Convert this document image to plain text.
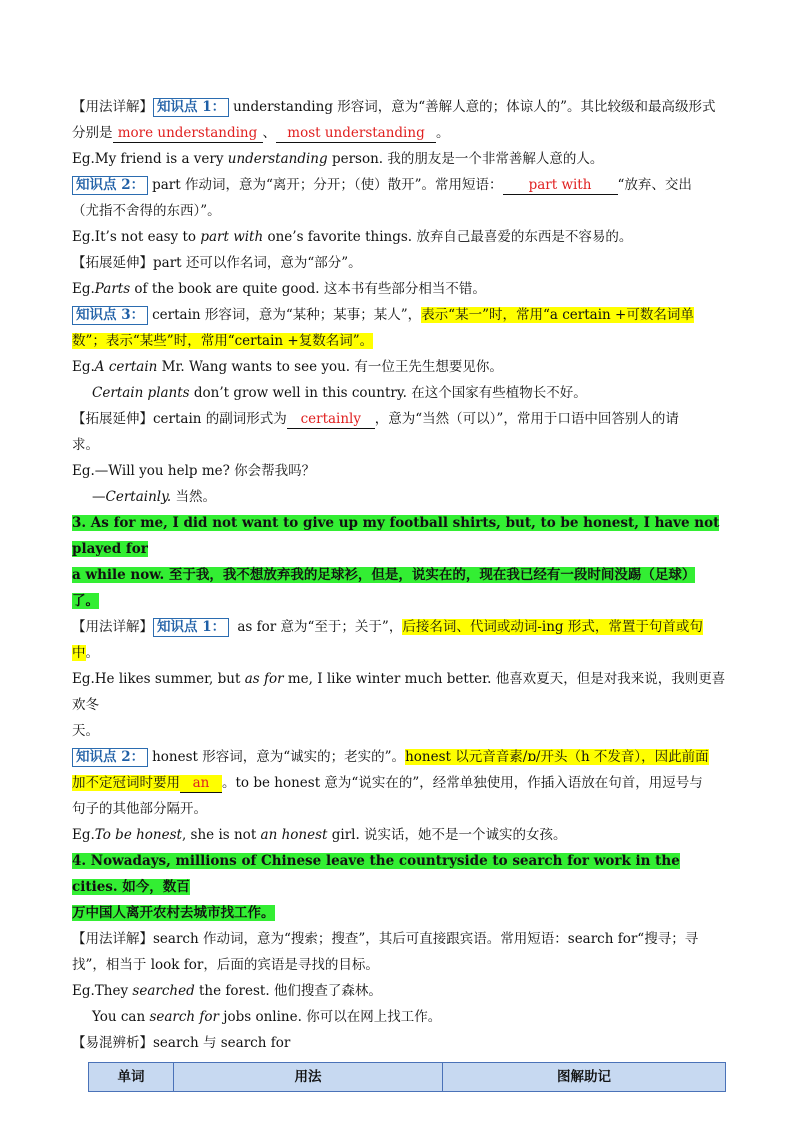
【用法详解】 知识点 1： understanding 形容词，意为“善解人意的；体谅人的”。其比较级和最高级形式

分别是 more understanding 、 most understanding 。

Eg.My friend is a very understanding person. 我的朋友是一个非常善解人意的人。

知识点 2： part 作动词，意为“离开；分开；（使）散开”。常用短语： part with “放弃、交出

（尤指不舍得的东西）”。

Eg.It’s not easy to part with one’s favorite things. 放弃自己最喜爱的东西是不容易的。

【拓展延伸】part 还可以作名词，意为“部分”。

Eg.Parts of the book are quite good. 这本书有些部分相当不错。

知识点 3： certain 形容词，意为“某种；某事；某人”，表示“某一”时，常用“a certain +可数名词单

数”；表示“某些”时，常用“certain +复数名词”。

Eg.A certain Mr. Wang wants to see you. 有一位王先生想要见你。

Certain plants don’t grow well in this country. 在这个国家有些植物长不好。

【拓展延伸】certain 的副词形式为 certainly ，意为“当然（可以）”，常用于口语中回答别人的请

求。

Eg.—Will you help me? 你会帮我吗？

—Certainly. 当然。

3. As for me, I did not want to give up my football shirts, but, to be honest, I have not played for

a while now. 至于我，我不想放弃我的足球衫，但是，说实在的，现在我已经有一段时间没踢（足球）

了。

【用法详解】 知识点 1： as for 意为“至于；关于”，后接名词、代词或动词-ing 形式，常置于句首或句

中。

Eg.He likes summer, but as for me, I like winter much better. 他喜欢夏天，但是对我来说，我则更喜欢冬

天。

知识点 2： honest 形容词，意为“诚实的；老实的”。honest 以元音音素/ɒ/开头（h 不发音），因此前面

加不定冠词时要用 an 。to be honest 意为“说实在的”，经常单独使用，作插入语放在句首，用逗号与

句子的其他部分隔开。

Eg.To be honest, she is not an honest girl. 说实话，她不是一个诚实的女孩。

4. Nowadays, millions of Chinese leave the countryside to search for work in the cities. 如今，数百

万中国人离开农村去城市找工作。

【用法详解】search 作动词，意为“搜索；搜查”，其后可直接跟宾语。常用短语：search for“搜寻；寻

找”，相当于 look for，后面的宾语是寻找的目标。

Eg.They searched the forest. 他们搜查了森林。

You can search for jobs online. 你可以在网上找工作。

【易混辨析】search 与 search for

单词	用法	图解助记
